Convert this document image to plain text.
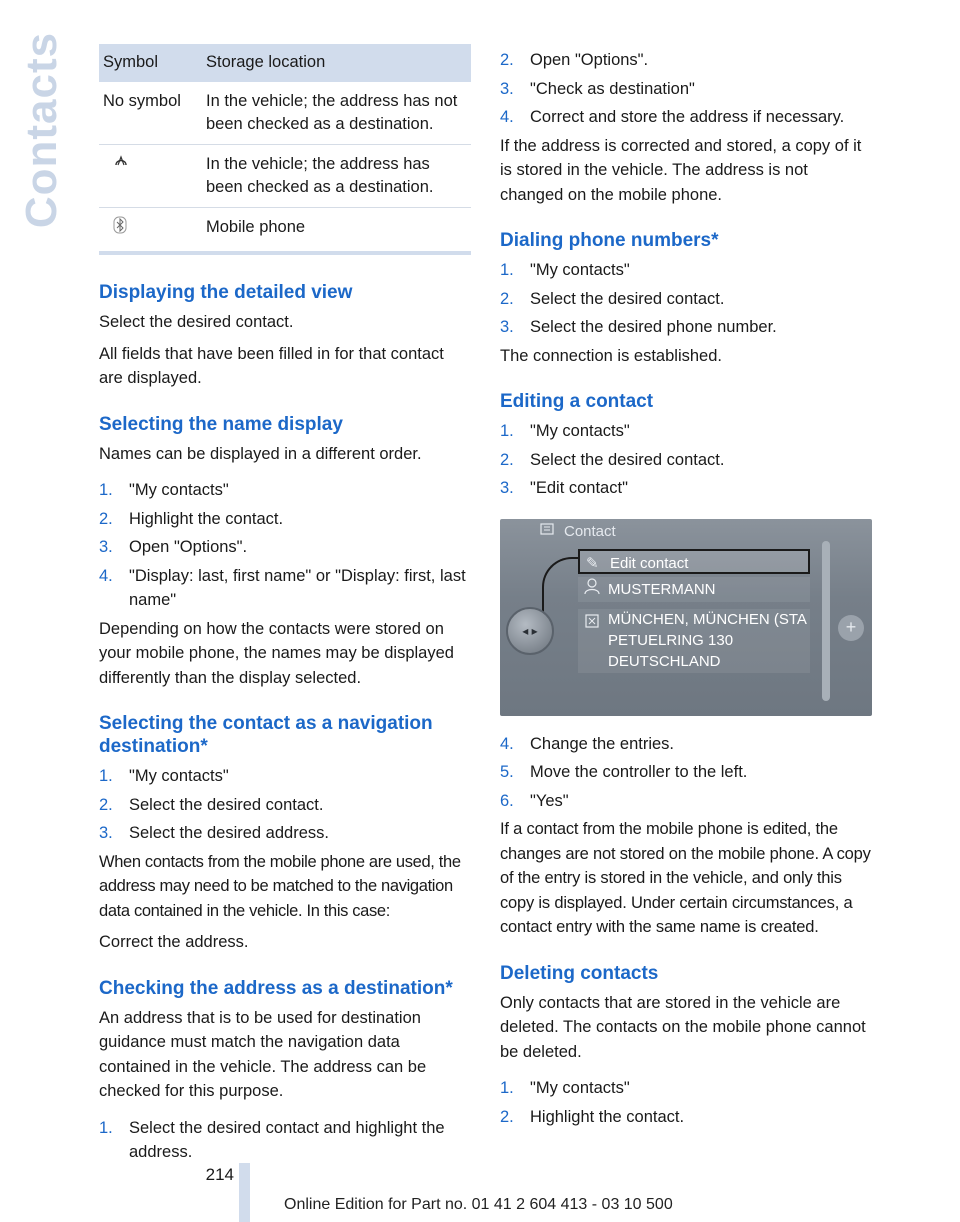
Contacts Symbol	Storage location
No symbol	In the vehicle; the address has not been checked as a destination.
	In the vehicle; the address has been checked as a destination.
	Mobile phone
Displaying the detailed view

Select the desired contact.

All fields that have been filled in for that contact are displayed.

Selecting the name display

Names can be displayed in a different order.

1. "My contacts"
2. Highlight the contact.
3. Open "Options".
4. "Display: last, first name" or "Display: first, last name"

Depending on how the contacts were stored on your mobile phone, the names may be displayed differently than the display selected.

Selecting the contact as a navigation destination*
1. "My contacts"
2. Select the desired contact.
3. Select the desired address.

When contacts from the mobile phone are used, the address may need to be matched to the navigation data contained in the vehicle. In this case:

Correct the address.

Checking the address as a destination*

An address that is to be used for destination guidance must match the navigation data contained in the vehicle. The address can be checked for this purpose.

1. Select the desired contact and highlight the address.
2. Open "Options".
3. "Check as destination"
4. Correct and store the address if necessary.

If the address is corrected and stored, a copy of it is stored in the vehicle. The address is not changed on the mobile phone.

Dialing phone numbers*
1. "My contacts"
2. Select the desired contact.
3. Select the desired phone number.

The connection is established.

Editing a contact
1. "My contacts"
2. Select the desired contact.
3. "Edit contact"
Contact
✎ Edit contact
MUSTERMANN
MÜNCHEN, MÜNCHEN (STA
PETUELRING 130
DEUTSCHLAND
◂ ▸	+
4. Change the entries.
5. Move the controller to the left.
6. "Yes"

If a contact from the mobile phone is edited, the changes are not stored on the mobile phone. A copy of the entry is stored in the vehicle, and only this copy is displayed. Under certain circumstances, a contact entry with the same name is created.

Deleting contacts

Only contacts that are stored in the vehicle are deleted. The contacts on the mobile phone cannot be deleted.

1. "My contacts"
2. Highlight the contact.
214
Online Edition for Part no. 01 41 2 604 413 - 03 10 500
